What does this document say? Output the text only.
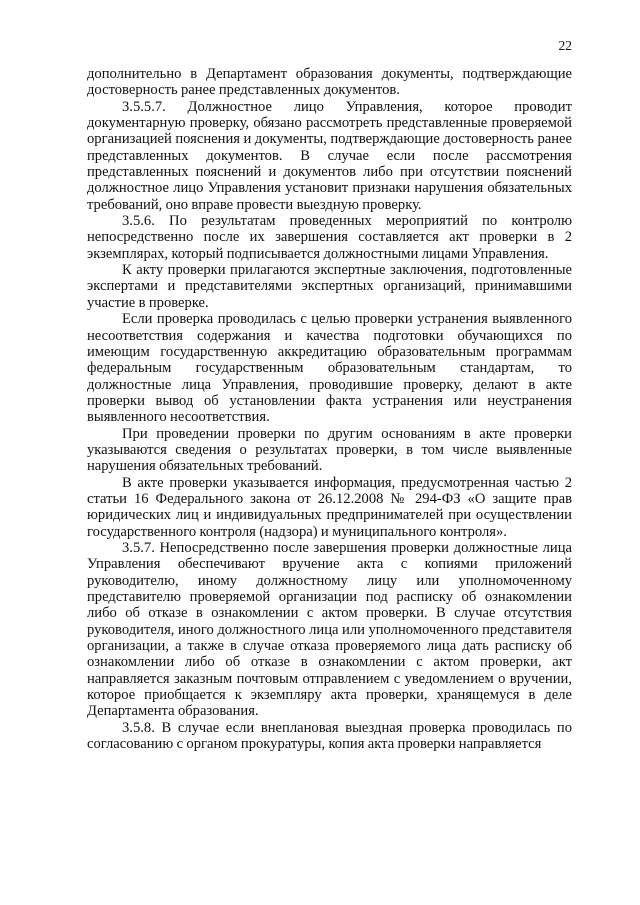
22

дополнительно в Департамент образования документы, подтверждающие достоверность ранее представленных документов.

3.5.5.7. Должностное лицо Управления, которое проводит документарную проверку, обязано рассмотреть представленные проверяемой организацией пояснения и документы, подтверждающие достоверность ранее представленных документов. В случае если после рассмотрения представленных пояснений и документов либо при отсутствии пояснений должностное лицо Управления установит признаки нарушения обязательных требований, оно вправе провести выездную проверку.

3.5.6. По результатам проведенных мероприятий по контролю непосредственно после их завершения составляется акт проверки в 2 экземплярах, который подписывается должностными лицами Управления.

К акту проверки прилагаются экспертные заключения, подготовленные экспертами и представителями экспертных организаций, принимавшими участие в проверке.

Если проверка проводилась с целью проверки устранения выявленного несоответствия содержания и качества подготовки обучающихся по имеющим государственную аккредитацию образовательным программам федеральным государственным образовательным стандартам, то должностные лица Управления, проводившие проверку, делают в акте проверки вывод об установлении факта устранения или неустранения выявленного несоответствия.

При проведении проверки по другим основаниям в акте проверки указываются сведения о результатах проверки, в том числе выявленные нарушения обязательных требований.

В акте проверки указывается информация, предусмотренная частью 2 статьи 16 Федерального закона от 26.12.2008 № 294-ФЗ «О защите прав юридических лиц и индивидуальных предпринимателей при осуществлении государственного контроля (надзора) и муниципального контроля».

3.5.7. Непосредственно после завершения проверки должностные лица Управления обеспечивают вручение акта с копиями приложений руководителю, иному должностному лицу или уполномоченному представителю проверяемой организации под расписку об ознакомлении либо об отказе в ознакомлении с актом проверки. В случае отсутствия руководителя, иного должностного лица или уполномоченного представителя организации, а также в случае отказа проверяемого лица дать расписку об ознакомлении либо об отказе в ознакомлении с актом проверки, акт направляется заказным почтовым отправлением с уведомлением о вручении, которое приобщается к экземпляру акта проверки, хранящемуся в деле Департамента образования.

3.5.8. В случае если внеплановая выездная проверка проводилась по согласованию с органом прокуратуры, копия акта проверки направляется
